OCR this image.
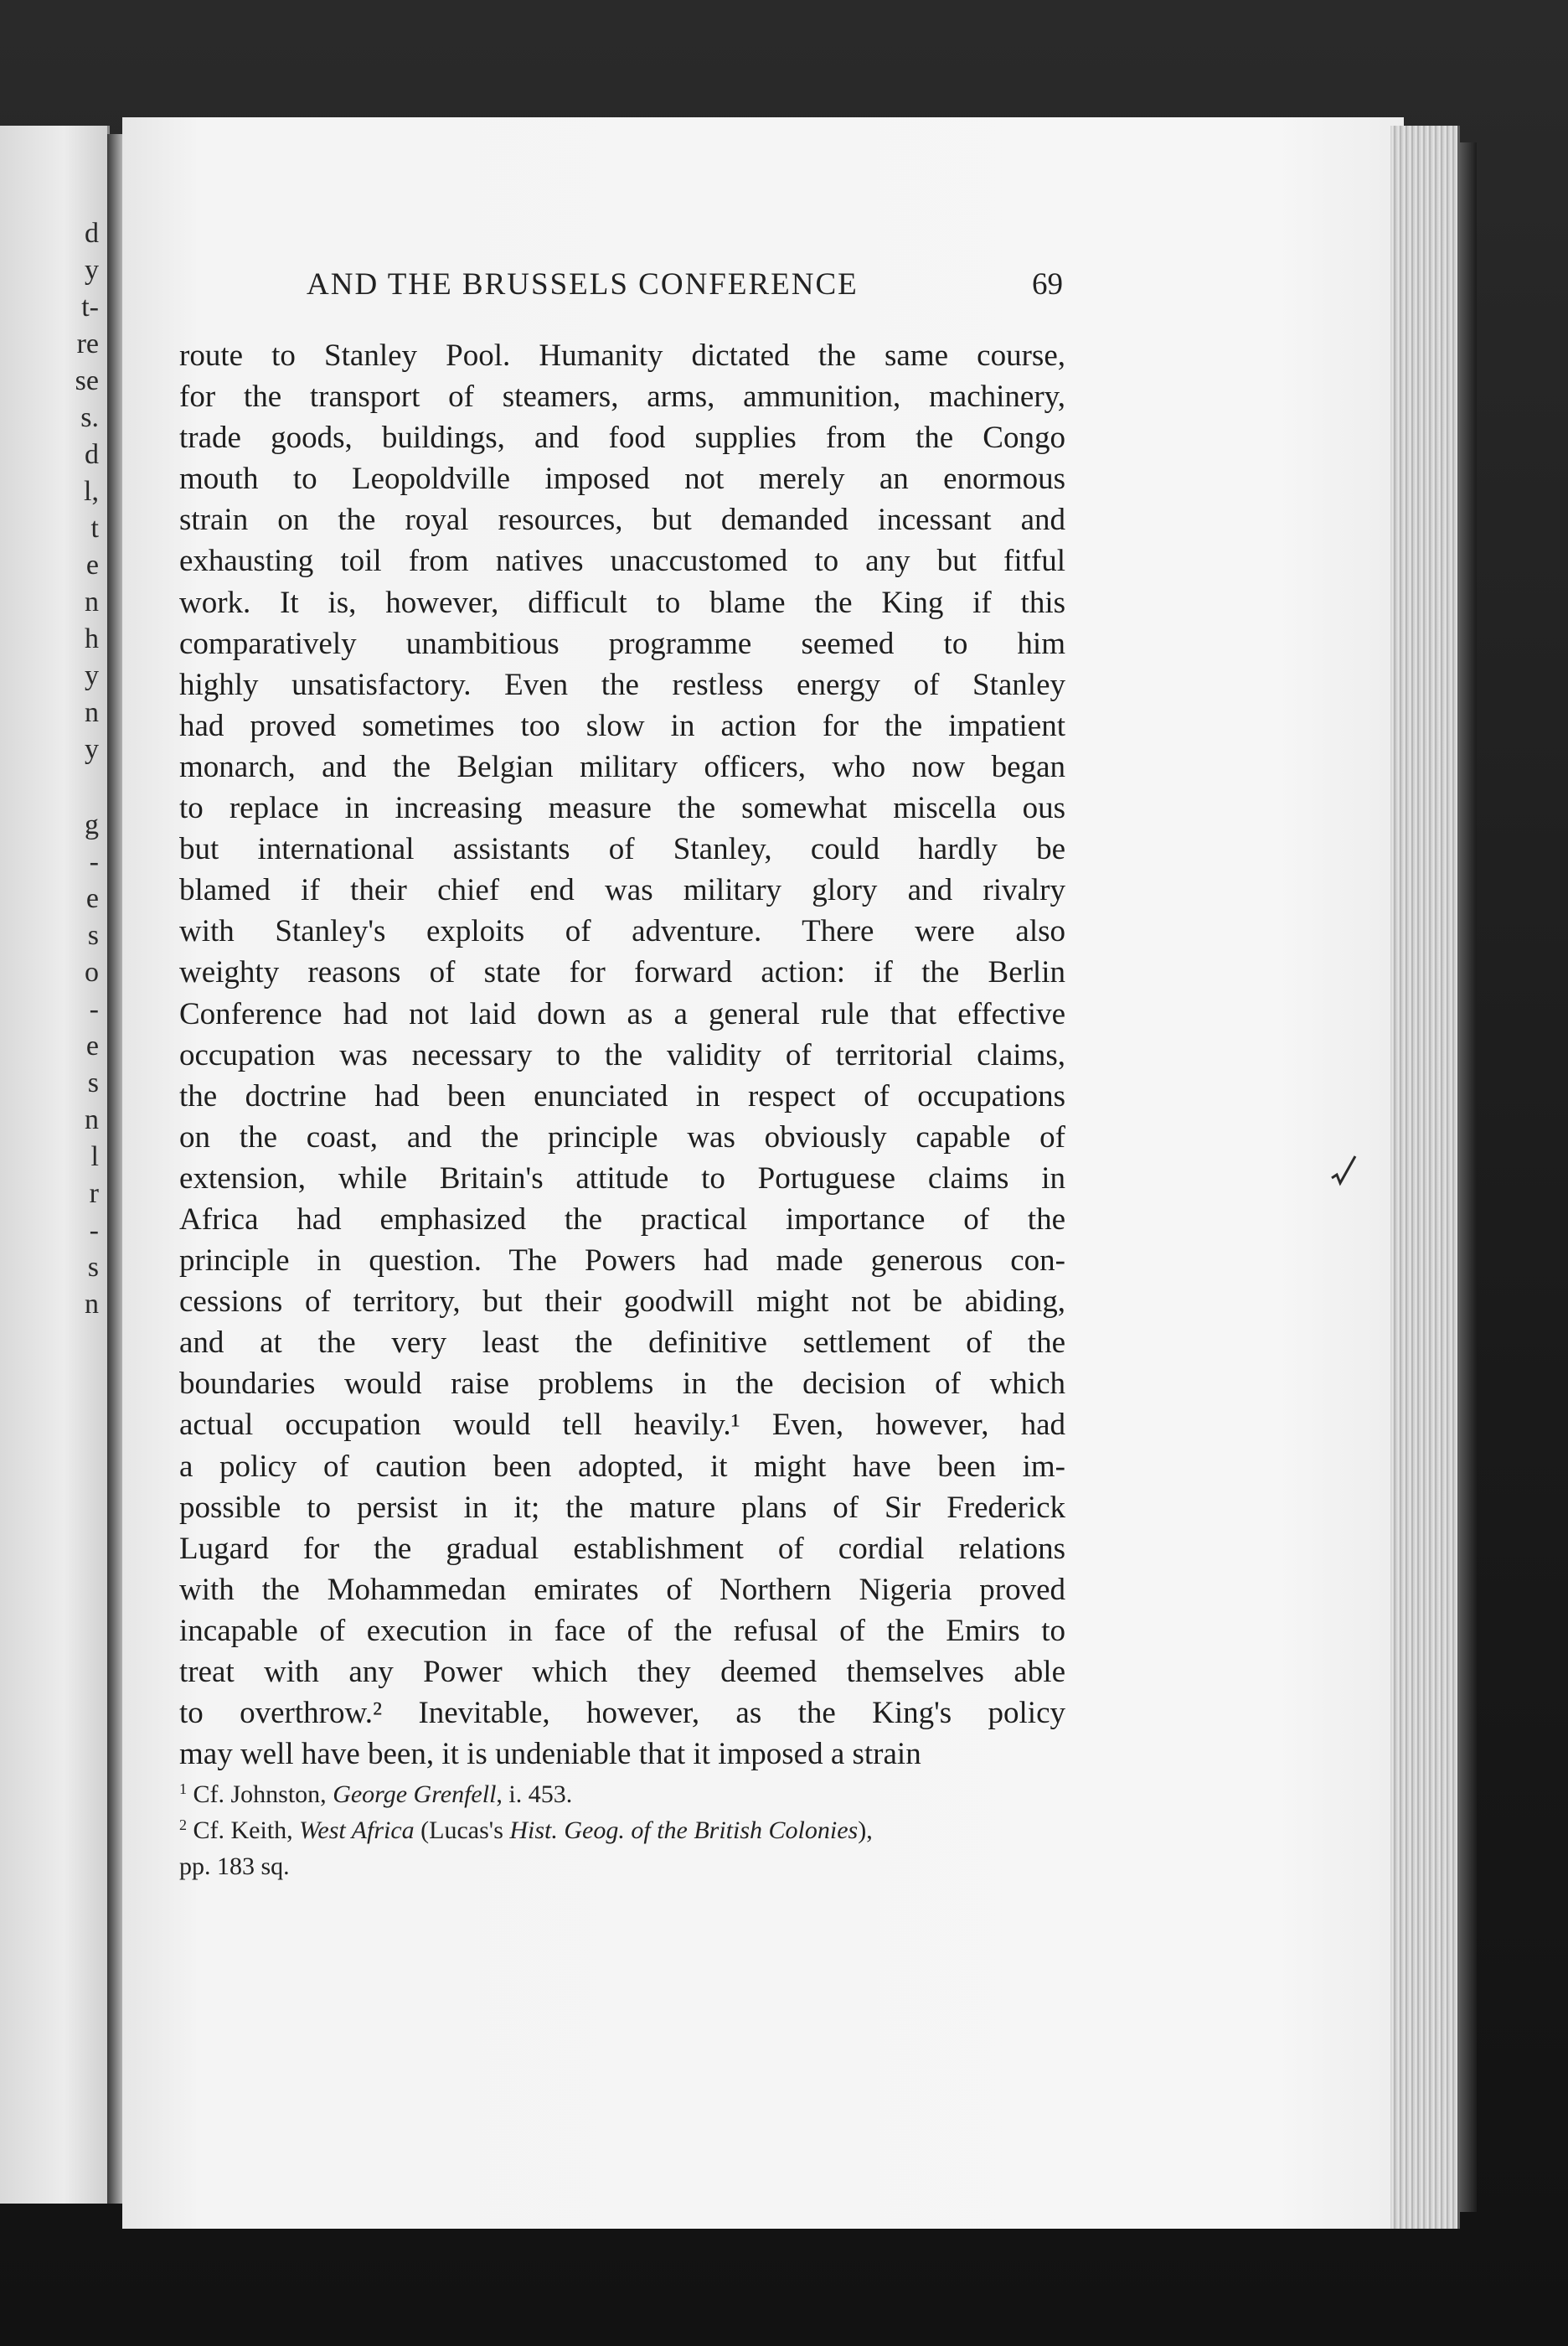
d
y
t-
re
se
s.
d
l,
t
e
n
h
y
n
y
g
-
e
s
o
-
e
s
n
l
r
-
s
n
AND THE BRUSSELS CONFERENCE	69
route to Stanley Pool. Humanity dictated the same course,
for the transport of steamers, arms, ammunition, machinery,
trade goods, buildings, and food supplies from the Congo
mouth to Leopoldville imposed not merely an enormous
strain on the royal resources, but demanded incessant and
exhausting toil from natives unaccustomed to any but fitful
work. It is, however, difficult to blame the King if this
comparatively unambitious programme seemed to him
highly unsatisfactory. Even the restless energy of Stanley
had proved sometimes too slow in action for the impatient
monarch, and the Belgian military officers, who now began
to replace in increasing measure the somewhat miscella ous
but international assistants of Stanley, could hardly be
blamed if their chief end was military glory and rivalry
with Stanley's exploits of adventure. There were also
weighty reasons of state for forward action: if the Berlin
Conference had not laid down as a general rule that effective
occupation was necessary to the validity of territorial claims,
the doctrine had been enunciated in respect of occupations
on the coast, and the principle was obviously capable of
extension, while Britain's attitude to Portuguese claims in
Africa had emphasized the practical importance of the
principle in question. The Powers had made generous con-
cessions of territory, but their goodwill might not be abiding,
and at the very least the definitive settlement of the
boundaries would raise problems in the decision of which
actual occupation would tell heavily.¹ Even, however, had
a policy of caution been adopted, it might have been im-
possible to persist in it; the mature plans of Sir Frederick
Lugard for the gradual establishment of cordial relations
with the Mohammedan emirates of Northern Nigeria proved
incapable of execution in face of the refusal of the Emirs to
treat with any Power which they deemed themselves able
to overthrow.² Inevitable, however, as the King's policy
may well have been, it is undeniable that it imposed a strain
$^1$ Cf. Johnston, George Grenfell, i. 453.
$^2$ Cf. Keith, West Africa (Lucas's Hist. Geog. of the British Colonies),
pp. 183 sq.
